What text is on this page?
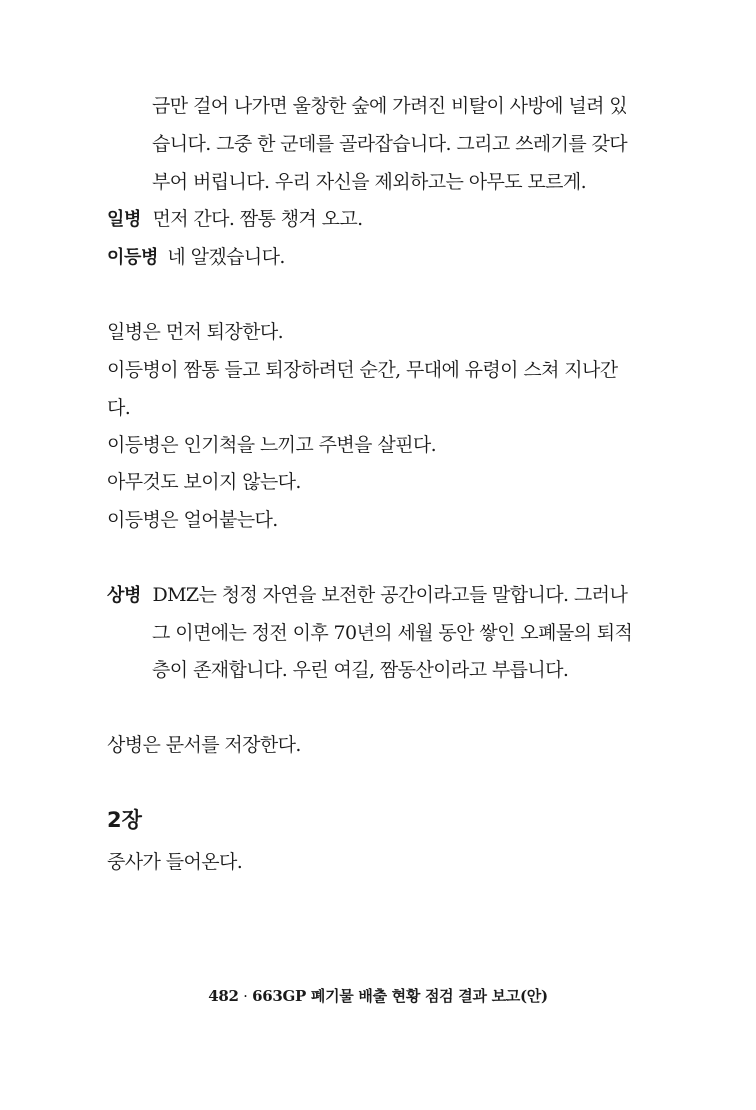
금만 걸어 나가면 울창한 숲에 가려진 비탈이 사방에 널려 있
습니다. 그중 한 군데를 골라잡습니다. 그리고 쓰레기를 갖다
부어 버립니다. 우리 자신을 제외하고는 아무도 모르게.
일병 먼저 간다. 짬통 챙겨 오고.
이등병 네 알겠습니다.
일병은 먼저 퇴장한다.
이등병이 짬통 들고 퇴장하려던 순간, 무대에 유령이 스쳐 지나간
다.
이등병은 인기척을 느끼고 주변을 살핀다.
아무것도 보이지 않는다.
이등병은 얼어붙는다.
상병 DMZ는 청정 자연을 보전한 공간이라고들 말합니다. 그러나
그 이면에는 정전 이후 70년의 세월 동안 쌓인 오폐물의 퇴적
층이 존재합니다. 우린 여길, 짬동산이라고 부릅니다.
상병은 문서를 저장한다.
2장
중사가 들어온다.
482 · 663GP 폐기물 배출 현황 점검 결과 보고(안)
